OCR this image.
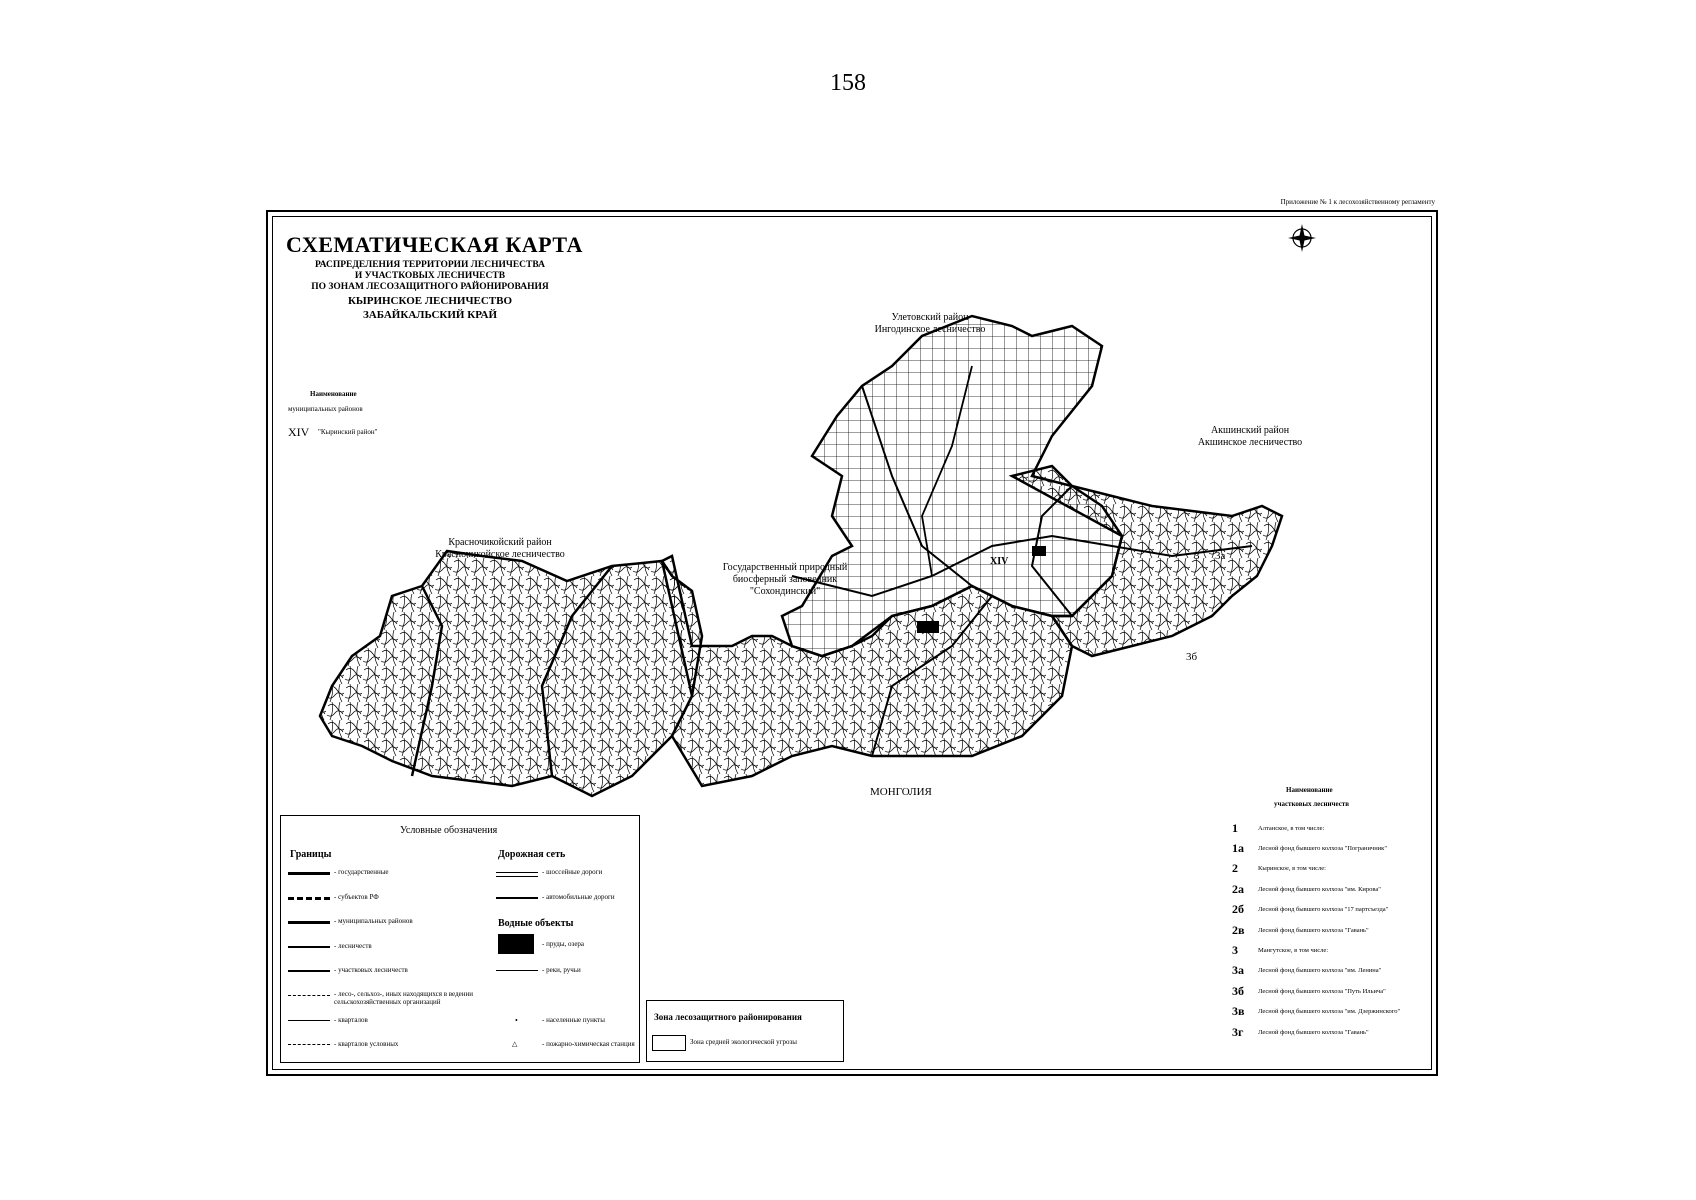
158
Приложение № 1 к лесохозяйственному регламенту
СХЕМАТИЧЕСКАЯ КАРТА
РАСПРЕДЕЛЕНИЯ ТЕРРИТОРИИ ЛЕСНИЧЕСТВА
И УЧАСТКОВЫХ ЛЕСНИЧЕСТВ
ПО ЗОНАМ ЛЕСОЗАЩИТНОГО РАЙОНИРОВАНИЯ
КЫРИНСКОЕ ЛЕСНИЧЕСТВО
ЗАБАЙКАЛЬСКИЙ КРАЙ
Наименование
муниципальных районов
XIV "Кыринский район"
Улетовский район
Ингодинское лесничество
Акшинский район
Акшинское лесничество
Красночикойский район
Красночикойское лесничество
Государственный природный
биосферный заповедник
"Сохондинский"
МОНГОЛИЯ
XIV	3 3а
3б
Условные обозначения
Границы	Дорожная сеть
- государственные
- субъектов РФ
- муниципальных районов
- лесничеств
- участковых лесничеств
- лесо-, сельхоз-, иных находящихся в ведении сельскохозяйственных организаций
- кварталов
- кварталов условных
- шоссейные дороги
- автомобильные дороги
Водные объекты
- пруды, озера
- реки, ручьи
•	- населенные пункты
△	- пожарно-химическая станция
Зона лесозащитного районирования
Зона средней экологической угрозы
Наименование
участковых лесничеств
1	Алтанское, в том числе:
1а	Лесной фонд бывшего колхоза "Пограничник"
2	Кыринское, в том числе:
2а	Лесной фонд бывшего колхоза "им. Кирова"
2б	Лесной фонд бывшего колхоза "17 партсъезда"
2в	Лесной фонд бывшего колхоза "Гавань"
3	Мангутское, в том числе:
3а	Лесной фонд бывшего колхоза "им. Ленина"
3б	Лесной фонд бывшего колхоза "Путь Ильича"
3в	Лесной фонд бывшего колхоза "им. Дзержинского"
3г	Лесной фонд бывшего колхоза "Гавань"
